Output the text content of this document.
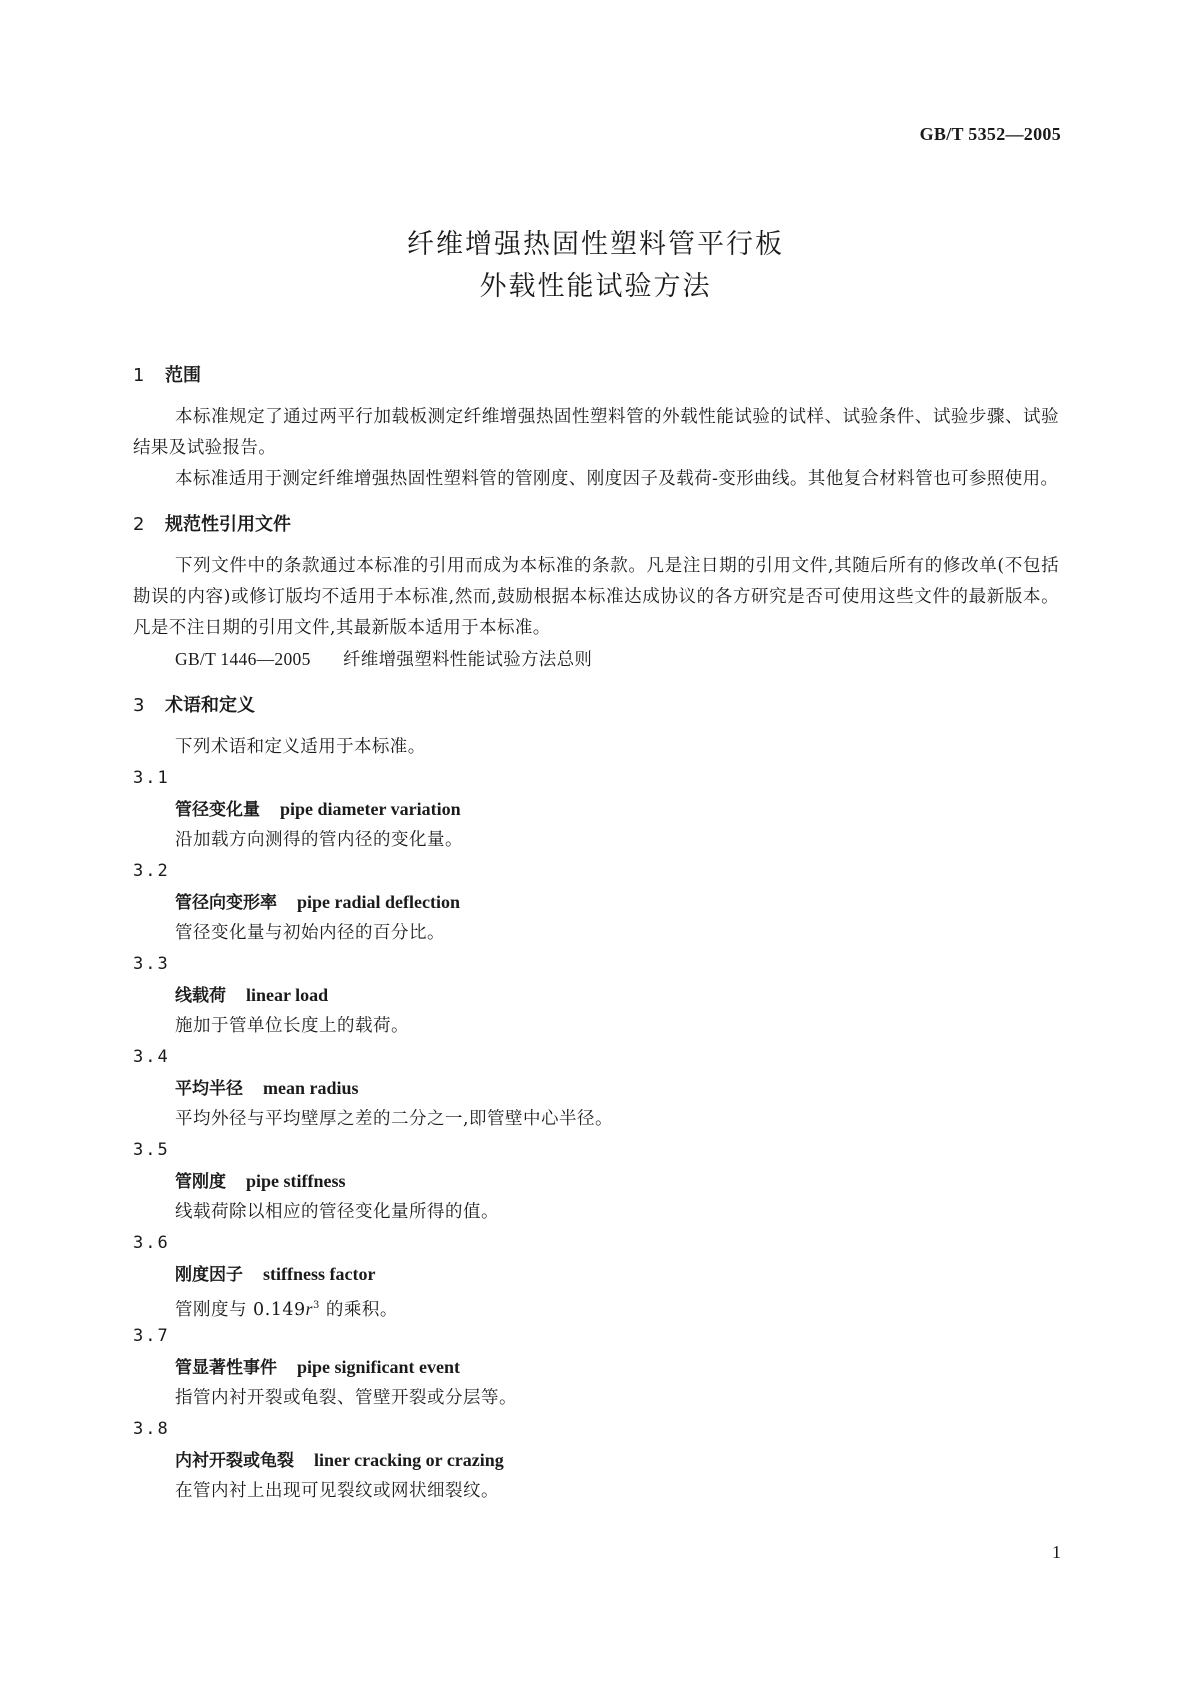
GB/T 5352—2005
纤维增强热固性塑料管平行板
外载性能试验方法
1 范围

本标准规定了通过两平行加载板测定纤维增强热固性塑料管的外载性能试验的试样、试验条件、试验步骤、试验结果及试验报告。

本标准适用于测定纤维增强热固性塑料管的管刚度、刚度因子及载荷-变形曲线。其他复合材料管也可参照使用。

2 规范性引用文件

下列文件中的条款通过本标准的引用而成为本标准的条款。凡是注日期的引用文件,其随后所有的修改单(不包括勘误的内容)或修订版均不适用于本标准,然而,鼓励根据本标准达成协议的各方研究是否可使用这些文件的最新版本。凡是不注日期的引用文件,其最新版本适用于本标准。

GB/T 1446—2005 纤维增强塑料性能试验方法总则
3 术语和定义

下列术语和定义适用于本标准。

3.1
管径变化量 pipe diameter variation
沿加载方向测得的管内径的变化量。
3.2
管径向变形率 pipe radial deflection
管径变化量与初始内径的百分比。
3.3
线载荷 linear load
施加于管单位长度上的载荷。
3.4
平均半径 mean radius
平均外径与平均壁厚之差的二分之一,即管壁中心半径。
3.5
管刚度 pipe stiffness
线载荷除以相应的管径变化量所得的值。
3.6
刚度因子 stiffness factor
管刚度与 $0.149r^3$ 的乘积。
3.7
管显著性事件 pipe significant event
指管内衬开裂或龟裂、管壁开裂或分层等。
3.8
内衬开裂或龟裂 liner cracking or crazing
在管内衬上出现可见裂纹或网状细裂纹。
1
